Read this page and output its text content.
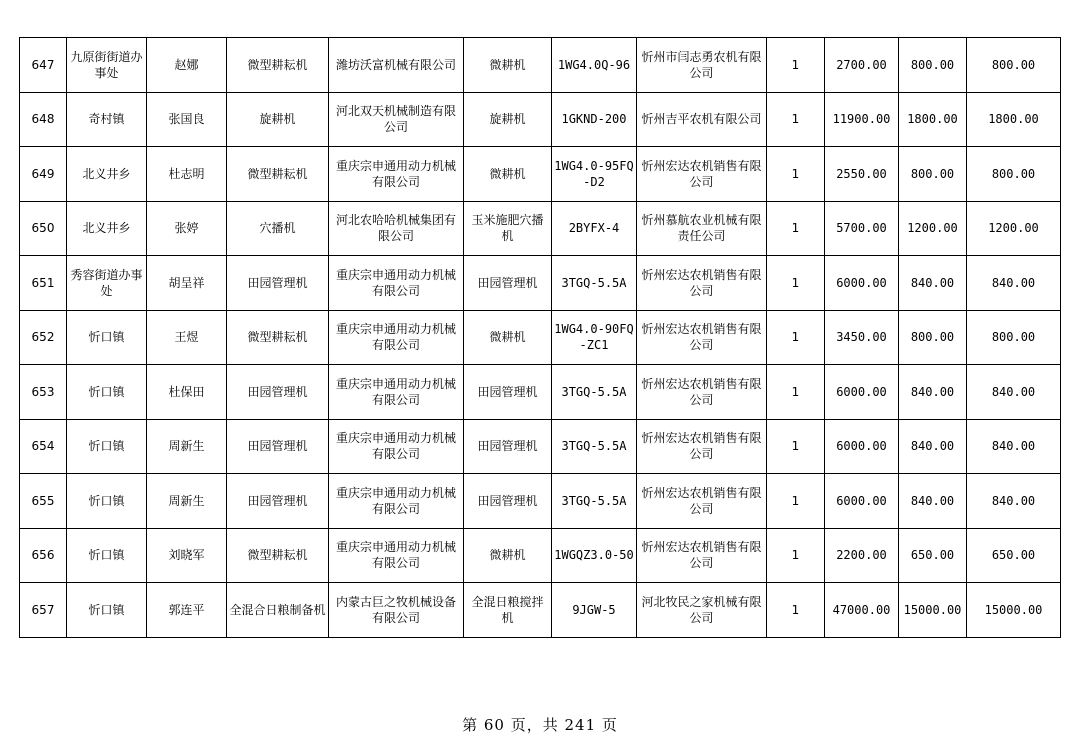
647	九原街街道办事处	赵娜	微型耕耘机	潍坊沃富机械有限公司	微耕机	1WG4.0Q-96	忻州市闫志勇农机有限公司	1	2700.00	800.00	800.00
648	奇村镇	张国良	旋耕机	河北双天机械制造有限公司	旋耕机	1GKND-200	忻州吉平农机有限公司	1	11900.00	1800.00	1800.00
649	北义井乡	杜志明	微型耕耘机	重庆宗申通用动力机械有限公司	微耕机	1WG4.0-95FQ-D2	忻州宏达农机销售有限公司	1	2550.00	800.00	800.00
650	北义井乡	张婷	穴播机	河北农哈哈机械集团有限公司	玉米施肥穴播机	2BYFX-4	忻州慕航农业机械有限责任公司	1	5700.00	1200.00	1200.00
651	秀容街道办事处	胡呈祥	田园管理机	重庆宗申通用动力机械有限公司	田园管理机	3TGQ-5.5A	忻州宏达农机销售有限公司	1	6000.00	840.00	840.00
652	忻口镇	王煜	微型耕耘机	重庆宗申通用动力机械有限公司	微耕机	1WG4.0-90FQ-ZC1	忻州宏达农机销售有限公司	1	3450.00	800.00	800.00
653	忻口镇	杜保田	田园管理机	重庆宗申通用动力机械有限公司	田园管理机	3TGQ-5.5A	忻州宏达农机销售有限公司	1	6000.00	840.00	840.00
654	忻口镇	周新生	田园管理机	重庆宗申通用动力机械有限公司	田园管理机	3TGQ-5.5A	忻州宏达农机销售有限公司	1	6000.00	840.00	840.00
655	忻口镇	周新生	田园管理机	重庆宗申通用动力机械有限公司	田园管理机	3TGQ-5.5A	忻州宏达农机销售有限公司	1	6000.00	840.00	840.00
656	忻口镇	刘晓军	微型耕耘机	重庆宗申通用动力机械有限公司	微耕机	1WGQZ3.0-50	忻州宏达农机销售有限公司	1	2200.00	650.00	650.00
657	忻口镇	郭连平	全混合日粮制备机	内蒙古巨之牧机械设备有限公司	全混日粮搅拌机	9JGW-5	河北牧民之家机械有限公司	1	47000.00	15000.00	15000.00
第 60 页，共 241 页
